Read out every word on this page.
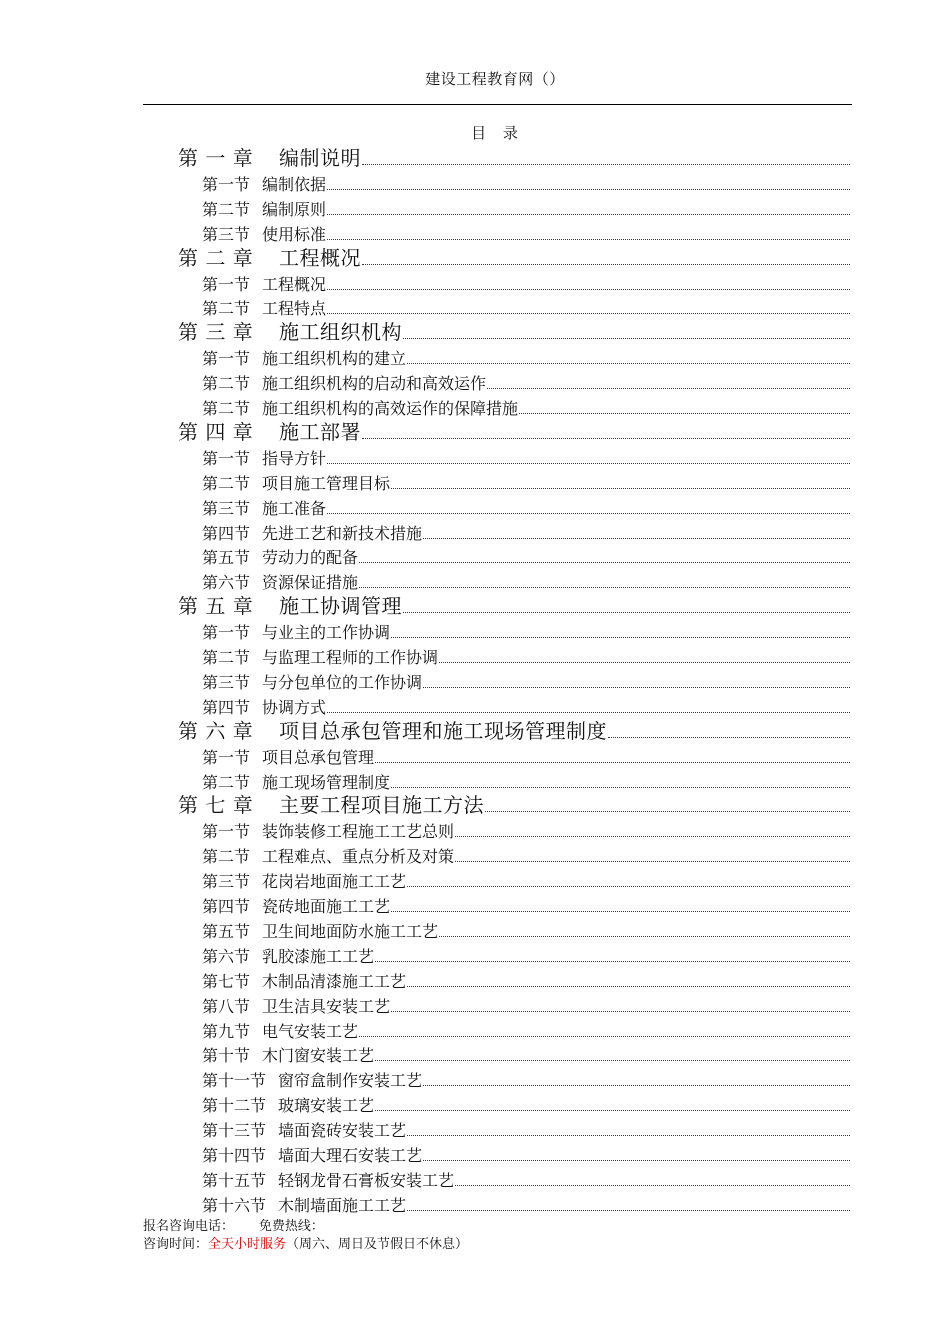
建设工程教育网（）
目 录
第 一 章 编制说明
第一节 编制依据
第二节 编制原则
第三节 使用标准
第 二 章 工程概况
第一节 工程概况
第二节 工程特点
第 三 章 施工组织机构
第一节 施工组织机构的建立
第二节 施工组织机构的启动和高效运作
第二节 施工组织机构的高效运作的保障措施
第 四 章 施工部署
第一节 指导方针
第二节 项目施工管理目标
第三节 施工准备
第四节 先进工艺和新技术措施
第五节 劳动力的配备
第六节 资源保证措施
第 五 章 施工协调管理
第一节 与业主的工作协调
第二节 与监理工程师的工作协调
第三节 与分包单位的工作协调
第四节 协调方式
第 六 章 项目总承包管理和施工现场管理制度
第一节 项目总承包管理
第二节 施工现场管理制度
第 七 章 主要工程项目施工方法
第一节 装饰装修工程施工工艺总则
第二节 工程难点、重点分析及对策
第三节 花岗岩地面施工工艺
第四节 瓷砖地面施工工艺
第五节 卫生间地面防水施工工艺
第六节 乳胶漆施工工艺
第七节 木制品清漆施工工艺
第八节 卫生洁具安装工艺
第九节 电气安装工艺
第十节 木门窗安装工艺
第十一节 窗帘盒制作安装工艺
第十二节 玻璃安装工艺
第十三节 墙面瓷砖安装工艺
第十四节 墙面大理石安装工艺
第十五节 轻钢龙骨石膏板安装工艺
第十六节 木制墙面施工工艺
报名咨询电话： 免费热线：
咨询时间：全天小时服务（周六、周日及节假日不休息）
